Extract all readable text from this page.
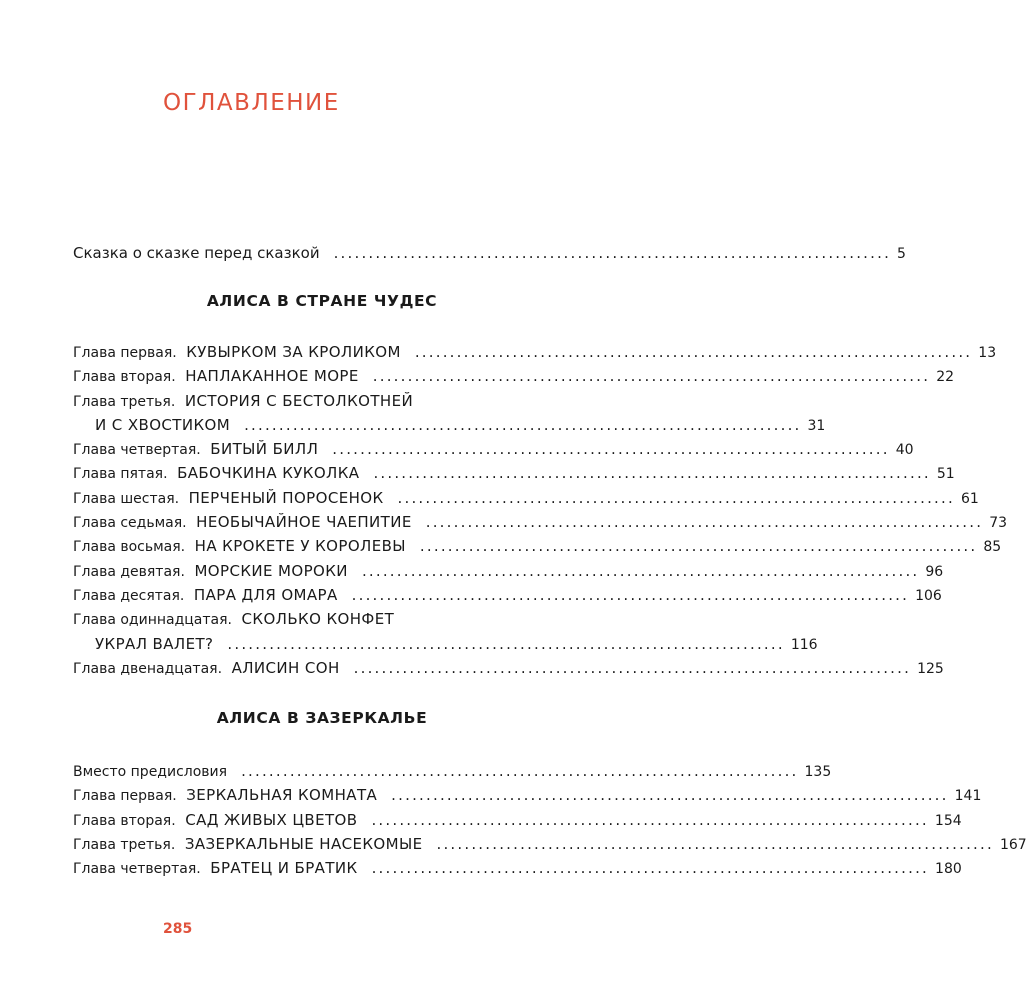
ОГЛАВЛЕНИЕ
Сказка о сказке перед сказкой ................................................................................ 5
АЛИСА В СТРАНЕ ЧУДЕС
Глава первая. КУВЫРКОМ ЗА КРОЛИКОМ ................................................................................ 13
Глава вторая. НАПЛАКАННОЕ МОРЕ ................................................................................ 22
Глава третья. ИСТОРИЯ С БЕСТОЛКОТНЕЙ
И С ХВОСТИКОМ ................................................................................ 31
Глава четвертая. БИТЫЙ БИЛЛ ................................................................................ 40
Глава пятая. БАБОЧКИНА КУКОЛКА ................................................................................ 51
Глава шестая. ПЕРЧЕНЫЙ ПОРОСЕНОК ................................................................................ 61
Глава седьмая. НЕОБЫЧАЙНОЕ ЧАЕПИТИЕ ................................................................................ 73
Глава восьмая. НА КРОКЕТЕ У КОРОЛЕВЫ ................................................................................ 85
Глава девятая. МОРСКИЕ МОРОКИ ................................................................................ 96
Глава десятая. ПАРА ДЛЯ ОМАРА ................................................................................ 106
Глава одиннадцатая. СКОЛЬКО КОНФЕТ
УКРАЛ ВАЛЕТ? ................................................................................ 116
Глава двенадцатая. АЛИСИН СОН ................................................................................ 125
АЛИСА В ЗАЗЕРКАЛЬЕ
Вместо предисловия ................................................................................ 135
Глава первая. ЗЕРКАЛЬНАЯ КОМНАТА ................................................................................ 141
Глава вторая. САД ЖИВЫХ ЦВЕТОВ ................................................................................ 154
Глава третья. ЗАЗЕРКАЛЬНЫЕ НАСЕКОМЫЕ ................................................................................ 167
Глава четвертая. БРАТЕЦ И БРАТИК ................................................................................ 180
285
